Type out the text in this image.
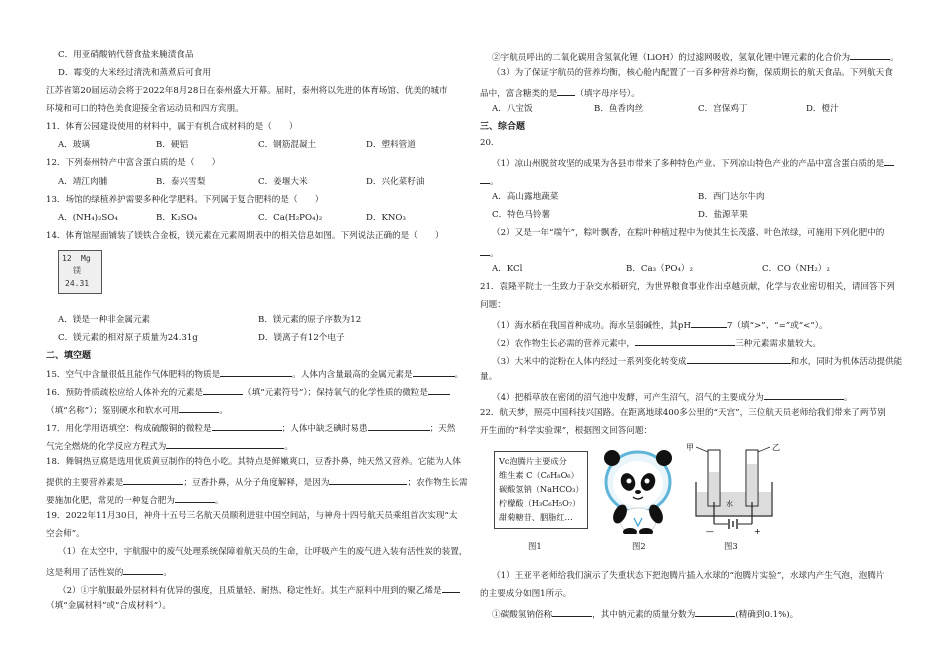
C．用亚硝酸钠代替食盐来腌渍食品
D．霉变的大米经过清洗和蒸煮后可食用
江苏省第20届运动会将于2022年8月28日在泰州盛大开幕。届时，泰州将以先进的体育场馆、优美的城市
环境和可口的特色美食迎接全省运动员和四方宾朋。
11．体育公园建设使用的材料中，属于有机合成材料的是（　　）
A．玻璃	B．硬铝	C．钢筋混凝土	D．塑料管道
12．下列泰州特产中富含蛋白质的是（　　）
A．靖江肉脯	B．泰兴雪梨	C．姜堰大米	D．兴化菜籽油
13．场馆的绿植养护需要多种化学肥料。下列属于复合肥料的是（　　）
A．(NH₄)₂SO₄	B．K₂SO₄	C．Ca(H₂PO₄)₂	D．KNO₃
14．体育馆屋面铺装了镁铁合金板，镁元素在元素周期表中的相关信息如图。下列说法正确的是（　　）
12 Mg
镁
24.31
A．镁是一种非金属元素	B．镁元素的原子序数为12
C．镁元素的相对原子质量为24.31g	D．镁离子有12个电子
二、填空题
15．空气中含量很低且能作气体肥料的物质是	。人体内含量最高的金属元素是	。
16．预防骨质疏松应给人体补充的元素是	（填“元素符号”）；保持氧气的化学性质的微粒是
（填“名称”）；鉴别硬水和软水可用	。
17．用化学用语填空：构成硫酸铜的微粒是	；人体中缺乏碘时易患	；天然
气完全燃烧的化学反应方程式为	。
18．舞铜热豆腐是选用优质黄豆制作的特色小吃。其特点是鲜嫩爽口，豆香扑鼻，纯天然又营养。它能为人体
提供的主要营养素是	；豆香扑鼻，从分子角度解释，是因为	；农作物生长需
要施加化肥，常见的一种复合肥为	。
19．2022年11月30日，神舟十五号三名航天员顺利进驻中国空间站，与神舟十四号航天员乘组首次实现“太
空会师”。
（1）在太空中，宇航服中的废气处理系统保障着航天员的生命，让呼吸产生的废气进入装有活性炭的装置，
这是利用了活性炭的	。
（2）①宇航服最外层材料有优异的强度，且质量轻、耐热、稳定性好。其生产原料中用到的聚乙烯是
（填“金属材料”或“合成材料”）。
②宇航员呼出的二氧化碳用含氢氧化锂（LiOH）的过滤网吸收，氢氧化锂中锂元素的化合价为	。
（3）为了保证宇航员的营养均衡，核心舱内配置了一百多种营养均衡，保质期长的航天食品。下列航天食
品中，富含糖类的是 （填字母序号）。
A．八宝饭	B．鱼香肉丝	C．宫保鸡丁	D．橙汁
三、综合题
20.
（1）凉山州脱贫攻坚的成果为各县市带来了多种特色产业、下列凉山特色产业的产品中富含蛋白质的是
。
A．高山露地蔬菜	B．西门达尔牛肉
C．特色马铃薯	D．盐源苹果
（2）又是一年“端午”，粽叶飘香，在粽叶种植过程中为使其生长茂盛、叶色浓绿，可施用下列化肥中的
。
A．KCl	B．Ca₃（PO₄）₂	C．CO（NH₂）₂
21．袁隆平院士一生致力于杂交水稻研究，为世界粮食事业作出卓越贡献，化学与农业密切相关，请回答下列
问题：
（1）海水稻在我国首种成功。海水呈弱碱性，其pH	7（填“>”、“=”或“<”）。
（2）农作物生长必需的营养元素中，	三种元素需求量较大。
（3）大米中的淀粉在人体内经过一系列变化转变成	和水，同时为机体活动提供能
量。
（4）把稻草放在密闭的沼气池中发酵，可产生沼气，沼气的主要成分为	。
22．航天梦，照亮中国科技兴国路。在距离地球400多公里的“天宫”，三位航天员老师给我们带来了两节别
开生面的“科学实验课”，根据图文回答问题：
Vc泡腾片主要成分
维生素 C（C₆H₈O₆）
碳酸氢钠（NaHCO₃）
柠檬酸（H₃C₆H₅O₇）
甜菊糖苷、胭脂红…
甲	乙
水
—	+
图1	图2	图3
（1）王亚平老师给我们演示了失重状态下把泡腾片插入水球的“泡腾片实验”，水球内产生气泡，泡腾片
的主要成分如图1所示。
①碳酸氢钠俗称	，其中钠元素的质量分数为	(精确到0.1%)。
